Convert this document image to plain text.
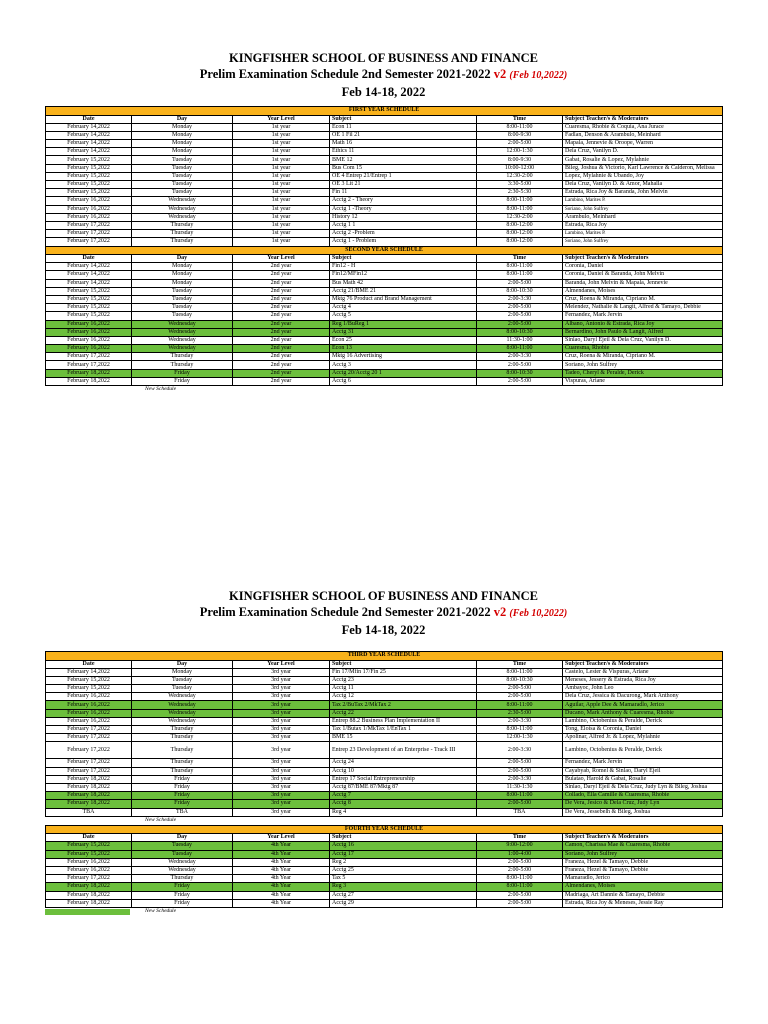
KINGFISHER SCHOOL OF BUSINESS AND FINANCE
Prelim Examination Schedule 2nd Semester 2021-2022 v2 (Feb 10,2022)
Feb 14-18, 2022
FIRST YEAR SCHEDULE					
Date	Day	Year Level	Subject	Time	Subject Teacher/s & Moderators
February 14,2022	Monday	1st year	Econ 11	8:00-11:00	Cuaresma, Rhobie & Coquia, Ana Jurace
February 14,2022	Monday	1st year	OE 1 Fil 21	8:00-9:30	Fadlan, Denson & Arambulo, Meinhard
February 14,2022	Monday	1st year	Math 16	2:00-5:00	Mapala, Jennevie & Oroope, Warren
February 14,2022	Monday	1st year	Ethics 11	12:00-1:30	Dela Cruz, Vanilyn D.
February 15,2022	Tuesday	1st year	BME 12	8:00-9:30	Gabat, Rosalie & Lopez, Mylahnie
February 15,2022	Tuesday	1st year	Bus Com 15	10:00-12:00	Bileg, Joshua & Victorio, Karl Lawrence & Calderon, Melissa
February 15,2022	Tuesday	1st year	OE 4 Entrep 21/Entrep 1	12:30-2:00	Lopez, Mylahnie & Ubando, Joy
February 15,2022	Tuesday	1st year	OE 3 Lit 21	3:30-5:00	Dela Cruz, Vanilyn D. & Amor, Mahalla
February 15,2022	Tuesday	1st year	Fin 11	2:30-5:30	Estrada, Rica Joy & Baranda, John Melvin
February 16,2022	Wednesday	1st year	Acctg 2 - Theory	8:00-11:00	Lambino, Marites P.
February 16,2022	Wednesday	1st year	Acctg 1 -Theory	8:00-11:00	Soriano, John Sulfrey
February 16,2022	Wednesday	1st year	History 12	12:30-2:00	Arambulo, Meinhard
February 17,2022	Thursday	1st year	Acctg 1 1	8:00-12:00	Estrada, Rica Joy
February 17,2022	Thursday	1st year	Acctg 2 -Problem	8:00-12:00	Lambino, Marites P.
February 17,2022	Thursday	1st year	Acctg 1 - Problem	8:00-12:00	Soriano, John Sulfrey
SECOND YEAR SCHEDULE					
Date	Day	Year Level	Subject	Time	Subject Teacher/s & Moderators
February 14,2022	Monday	2nd year	Fin12 - H	8:00-11:00	Coronia, Daniel
February 14,2022	Monday	2nd year	Fin12/MFin12	8:00-11:00	Coronia, Daniel & Baranda, John Melvin
February 14,2022	Monday	2nd year	Bus Math 42	2:00-5:00	Baranda, John Melvin & Mapala, Jennevie
February 15,2022	Tuesday	2nd year	Acctg 21/BME 21	8:00-10:30	Almendanes, Moises
February 15,2022	Tuesday	2nd year	Mktg 76 Product and Brand Management	2:00-3:30	Cruz, Roena & Miranda, Cipriano M.
February 15,2022	Tuesday	2nd year	Acctg 4	2:00-5:00	Melendez, Nathalie & Langit, Alfred & Tamayo, Debbie
February 15,2022	Tuesday	2nd year	Acctg 5	2:00-5:00	Fernandez, Mark Jervin
February 16,2022	Wednesday	2nd year	Reg 1/BuReg 1	2:00-5:00	Albano, Antonio & Estrada, Rica Joy
February 16,2022	Wednesday	2nd year	Acctg 31	8:00-10:30	Bernardino, John Paulo & Langit, Alfred
February 16,2022	Wednesday	2nd year	Econ 25	11:30-1:00	Sinlao, Daryl Ejeil & Dela Cruz, Vanilyn D.
February 16,2022	Wednesday	2nd year	Econ 13	8:00-11:00	Cuaresma, Rhobie
February 17,2022	Thursday	2nd year	Mktg 16 Advertising	2:00-3:30	Cruz, Roena & Miranda, Cipriano M.
February 17,2022	Thursday	2nd year	Acctg 3	2:00-5:00	Soriano, John Sulfrey
February 18,2022	Friday	2nd year	Acctg 20/Acctg 20 1	8:00-10:30	Tadeo, Cheryl & Peralde, Derick
February 18,2022	Friday	2nd year	Acctg 6	2:00-5:00	Vispuras, Ariane
New Schedule
KINGFISHER SCHOOL OF BUSINESS AND FINANCE
Prelim Examination Schedule 2nd Semester 2021-2022 v2 (Feb 10,2022)
Feb 14-18, 2022
THIRD YEAR SCHEDULE					
Date	Day	Year Level	Subject	Time	Subject Teacher/s & Moderators
February 14,2022	Monday	3rd year	Fin 17/Mfin 17/Fin 25	8:00-11:00	Castelo, Lester & Vispuras, Ariane
February 15,2022	Tuesday	3rd year	Acctg 23	8:00-10:30	Meneses, Jessery & Estrada, Rica Joy
February 15,2022	Tuesday	3rd year	Acctg 11	2:00-5:00	Ambayoc, John Leo
February 16,2022	Wednesday	3rd year	Acctg 12	2:00-5:00	Dela Cruz, Jessica & Dacurong, Mark Anthony
February 16,2022	Wednesday	3rd year	Tax 2/BuTax 2/MkTax 2	8:00-11:00	Aguilar, Apple Dee & Mamaradlo, Jerico
February 16,2022	Wednesday	3rd year	Acctg 22	2:30-5:00	Ducano, Mark Anthony & Cuaresma, Rhobie
February 16,2022	Wednesday	3rd year	Entrep 88.2 Business Plan Implementation II	2:00-3:30	Lambino, Octobenius & Peralde, Derick
February 17,2022	Thursday	3rd year	Tax 1/Butax 1/MkTax 1/EnTax 1	8:00-11:00	Tong, Eloisa & Coronia, Daniel
February 17,2022	Thursday	3rd year	BME 15	12:00-1:30	Apolinar, Alfred Jr. & Lopez, Mylahnie
February 17,2022	Thursday	3rd year	Entrep 23 Development of an Enterprise - Track III	2:00-3:30	Lambino, Octobenius & Peralde, Derick
February 17,2022	Thursday	3rd year	Acctg 24	2:00-5:00	Fernandez, Mark Jervin
February 17,2022	Thursday	3rd year	Acctg 10	2:00-5:00	Cayabyab, Romel & Sinlao, Daryl Ejeil
February 18,2022	Friday	3rd year	Entrep 17 Social Entrepreneurship	2:00-3:30	Bulatao, Harold & Gabat, Rosalie
February 18,2022	Friday	3rd year	Acctg 87/BME 87/Mktg 87	11:30-1:30	Sinlao, Daryl Ejeil & Dela Cruz, Judy Lyn & Bileg, Joshua
February 18,2022	Friday	3rd year	Acctg 7	8:00-11:00	Collado, Ella Camille & Cuaresma, Rhobie
February 18,2022	Friday	3rd year	Acctg 8	2:00-5:00	De Vera, Jesico & Dela Cruz, Judy Lyn
TBA	TBA	3rd year	Reg 4	TBA	De Vera, Jessebelh & Bileg, Joshua
New Schedule
FOURTH YEAR SCHEDULE					
Date	Day	Year Level	Subject	Time	Subject Teacher/s & Moderators
February 15,2022	Tuesday	4th Year	Acctg 16	9:00-12:00	Camon, Charissa Mae & Cuaresma, Rhobie
February 15,2022	Tuesday	4th Year	Acctg 17	1:00-4:00	Soriano, John Sulfrey
February 16,2022	Wednesday	4th Year	Reg 2	2:00-5:00	Franeza, Hezel & Tamayo, Debbie
February 16,2022	Wednesday	4th Year	Acctg 25	2:00-5:00	Franeza, Hezel & Tamayo, Debbie
February 17,2022	Thursday	4th Year	Tax 5	8:00-11:00	Mamaradlo, Jerico
February 18,2022	Friday	4th Year	Reg 3	8:00-11:00	Almendanes, Moises
February 18,2022	Friday	4th Year	Acctg 27	2:00-5:00	Madriaga, Art Dannie & Tamayo, Debbie
February 18,2022	Friday	4th Year	Acctg 29	2:00-5:00	Estrada, Rica Joy & Meneses, Jessie Ray
New Schedule
